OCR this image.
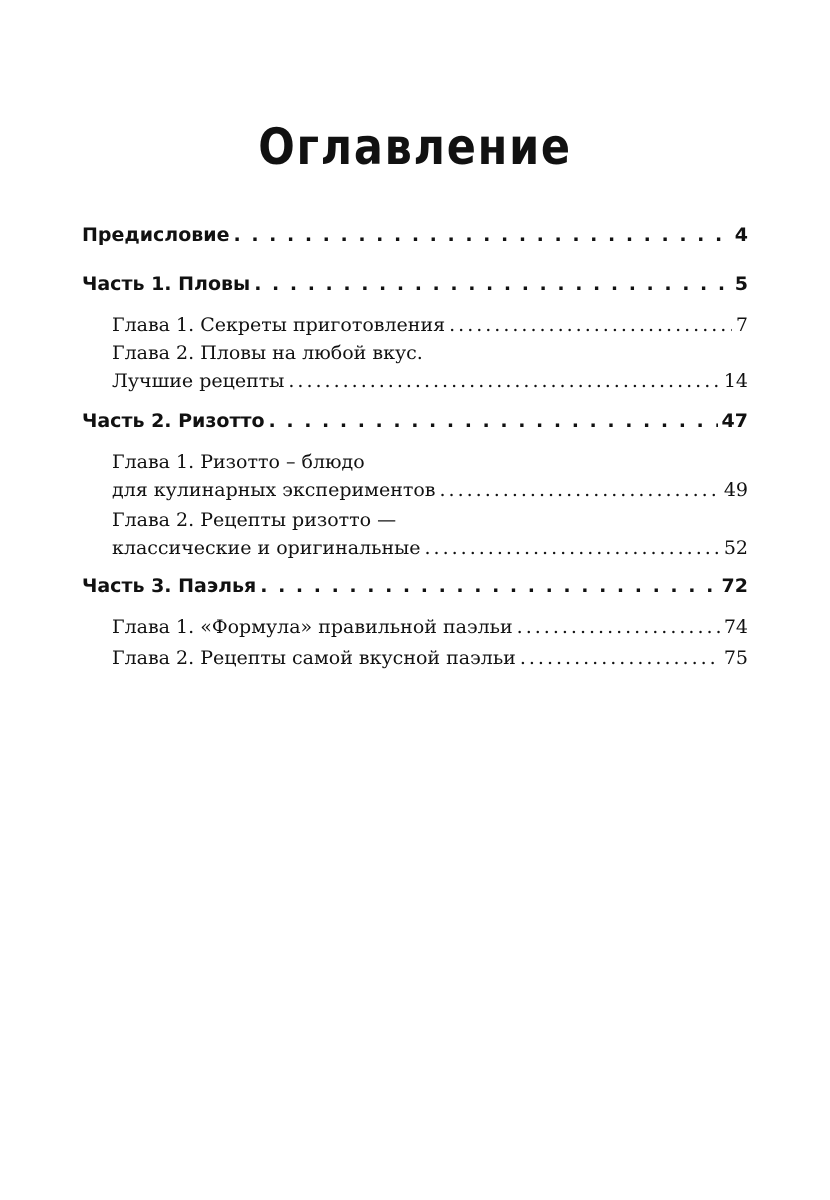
Оглавление
Предисловие . . .	4
Часть 1. Пловы . . .	5
Глава 1. Секреты приготовления .....	7
Глава 2. Пловы на любой вкус.
Лучшие рецепты .....	14
Часть 2. Ризотто . . .	47
Глава 1. Ризотто – блюдо
для кулинарных экспериментов .....	49
Глава 2. Рецепты ризотто —
классические и оригинальные .....	52
Часть 3. Паэлья . . .	72
Глава 1. «Формула» правильной паэльи .....	74
Глава 2. Рецепты самой вкусной паэльи .....	75
